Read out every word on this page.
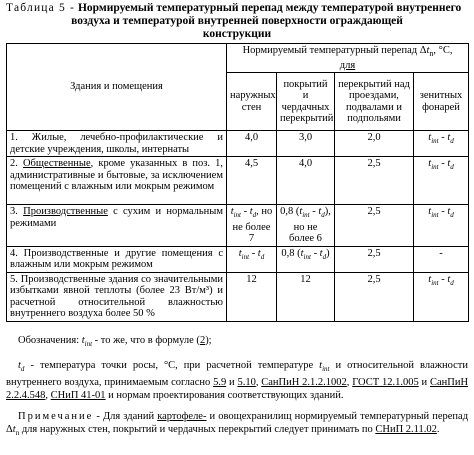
Таблица 5 - Нормируемый температурный перепад между температурой внутреннего
воздуха и температурой внутренней поверхности ограждающей
конструкции
Здания и помещения	Нормируемый температурный перепад $\Delta t_n$, °С,
для			
	наружных стен	покрытий и чердачных перекрытий	перекрытий над проездами, подвалами и подпольями	зенитных фонарей
1. Жилые, лечебно-профилактические и детские учреждения, школы, интернаты	4,0	3,0	2,0	$t_{int} - t_d$
2. Общественные, кроме указанных в поз. 1, административные и бытовые, за исключением помещений с влажным или мокрым режимом	4,5	4,0	2,5	$t_{int} - t_d$
3. Производственные с сухим и нормальным режимами	$t_{int} - t_d$, но не более 7	0,8 $(t_{int} - t_d)$, но не более 6	2,5	$t_{int} - t_d$
4. Производственные и другие помещения с влажным или мокрым режимом	$t_{int} - t_d$	0,8 $(t_{int} - t_d)$	2,5	-
5. Производственные здания со значительными избытками явной теплоты (более 23 Вт/м³) и расчетной относительной влажностью внутреннего воздуха более 50 %	12	12	2,5	$t_{int} - t_d$

Обозначения: $t_{int}$ - то же, что в формуле (2);

$t_d$ - температура точки росы, °С, при расчетной температуре $t_{int}$ и относительной влажности внутреннего воздуха, принимаемым согласно 5.9 и 5.10, СанПиН 2.1.2.1002, ГОСТ 12.1.005 и СанПиН 2.2.4.548, СНиП 41-01 и нормам проектирования соответствующих зданий.

Примечание - Для зданий картофеле- и овощехранилищ нормируемый температурный перепад $\Delta t_n$ для наружных стен, покрытий и чердачных перекрытий следует принимать по СНиП 2.11.02.
